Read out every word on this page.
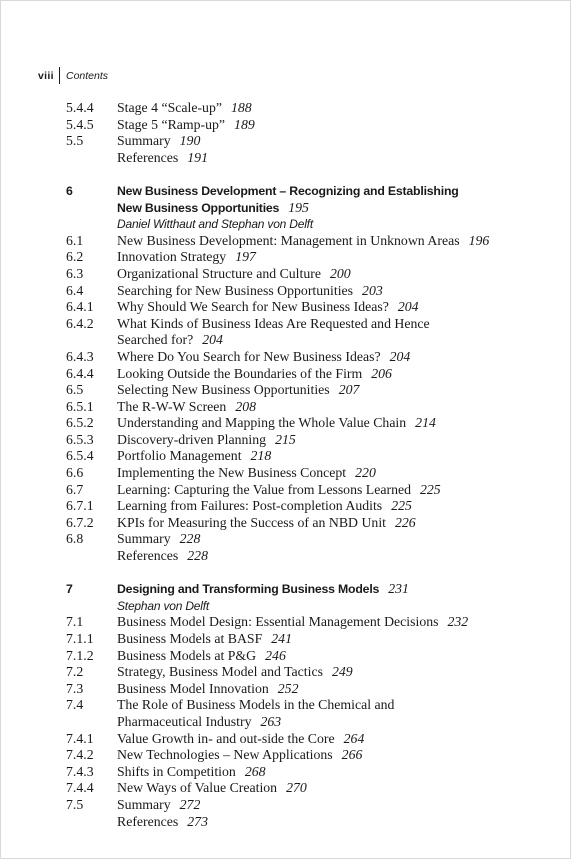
viii Contents
5.4.4 Stage 4 “Scale-up” 188
5.4.5 Stage 5 “Ramp-up” 189
5.5 Summary 190
References 191
6	New Business Development – Recognizing and Establishing
New Business Opportunities 195
Daniel Witthaut and Stephan von Delft
6.1 New Business Development: Management in Unknown Areas 196
6.2 Innovation Strategy 197
6.3 Organizational Structure and Culture 200
6.4 Searching for New Business Opportunities 203
6.4.1 Why Should We Search for New Business Ideas? 204
6.4.2 What Kinds of Business Ideas Are Requested and Hence
Searched for? 204
6.4.3 Where Do You Search for New Business Ideas? 204
6.4.4 Looking Outside the Boundaries of the Firm 206
6.5 Selecting New Business Opportunities 207
6.5.1 The R-W-W Screen 208
6.5.2 Understanding and Mapping the Whole Value Chain 214
6.5.3 Discovery-driven Planning 215
6.5.4 Portfolio Management 218
6.6 Implementing the New Business Concept 220
6.7 Learning: Capturing the Value from Lessons Learned 225
6.7.1 Learning from Failures: Post-completion Audits 225
6.7.2 KPIs for Measuring the Success of an NBD Unit 226
6.8 Summary 228
References 228
7	Designing and Transforming Business Models 231
Stephan von Delft
7.1 Business Model Design: Essential Management Decisions 232
7.1.1 Business Models at BASF 241
7.1.2 Business Models at P&G 246
7.2 Strategy, Business Model and Tactics 249
7.3 Business Model Innovation 252
7.4 The Role of Business Models in the Chemical and
Pharmaceutical Industry 263
7.4.1 Value Growth in- and out-side the Core 264
7.4.2 New Technologies – New Applications 266
7.4.3 Shifts in Competition 268
7.4.4 New Ways of Value Creation 270
7.5 Summary 272
References 273
